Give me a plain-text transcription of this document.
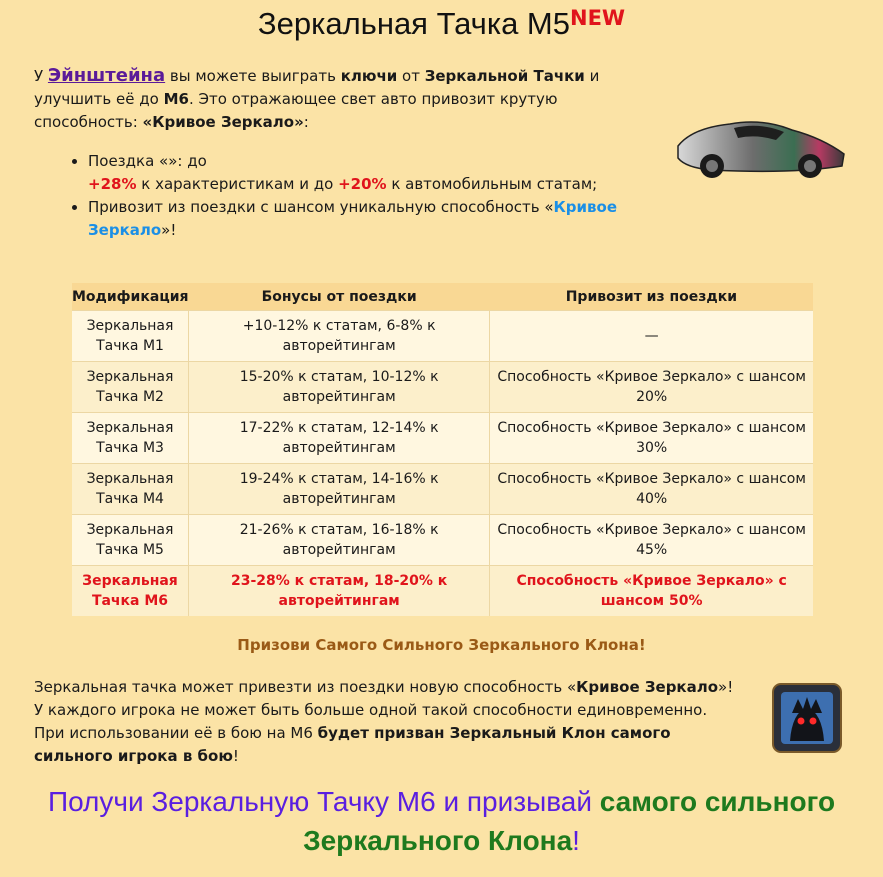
Зеркальная Тачка $М5^{NEW}$
У Эйнштейна вы можете выиграть ключи от Зеркальной Тачки и улучшить её до М6. Это отражающее свет авто привозит крутую способность: «Кривое Зеркало»:
• Поездка «»: до
+28% к характеристикам и до +20% к автомобильным статам;
• Привозит из поездки с шансом уникальную способность «Кривое Зеркало»!
Модификация	Бонусы от поездки	Привозит из поездки
Зеркальная
Тачка М1	+10-12% к статам, 6-8% к авторейтингам	—
Зеркальная
Тачка М2	15-20% к статам, 10-12% к авторейтингам	Способность «Кривое Зеркало» с шансом 20%
Зеркальная
Тачка М3	17-22% к статам, 12-14% к авторейтингам	Способность «Кривое Зеркало» с шансом 30%
Зеркальная
Тачка М4	19-24% к статам, 14-16% к авторейтингам	Способность «Кривое Зеркало» с шансом 40%
Зеркальная
Тачка М5	21-26% к статам, 16-18% к авторейтингам	Способность «Кривое Зеркало» с шансом 45%
Зеркальная
Тачка М6	23-28% к статам, 18-20% к авторейтингам	Способность «Кривое Зеркало» с шансом 50%
Призови Самого Сильного Зеркального Клона!
Зеркальная тачка может привезти из поездки новую способность «Кривое Зеркало»! У каждого игрока не может быть больше одной такой способности единовременно. При использовании её в бою на М6 будет призван Зеркальный Клон самого сильного игрока в бою!
Получи Зеркальную Тачку М6 и призывай самого сильного Зеркального Клона!
